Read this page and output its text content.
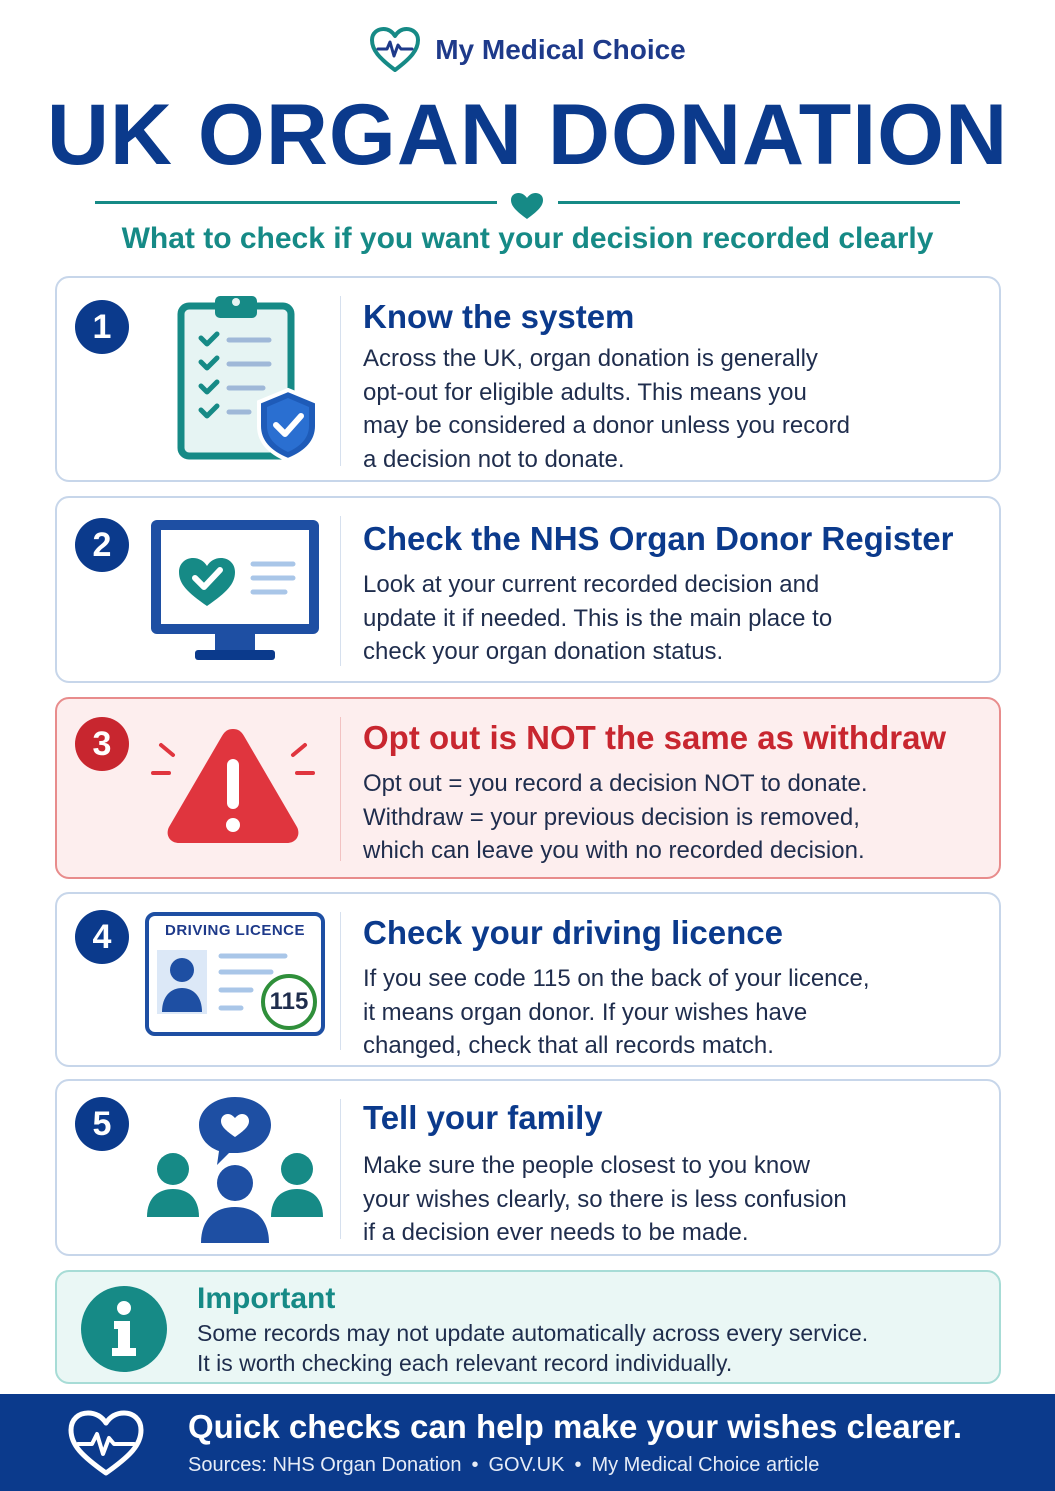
My Medical Choice
UK ORGAN DONATION
What to check if you want your decision recorded clearly
1	Know the system
Across the UK, organ donation is generally
opt-out for eligible adults. This means you
may be considered a donor unless you record
a decision not to donate.
2	Check the NHS Organ Donor Register
Look at your current recorded decision and
update it if needed. This is the main place to
check your organ donation status.
3	Opt out is NOT the same as withdraw
Opt out = you record a decision NOT to donate.
Withdraw = your previous decision is removed,
which can leave you with no recorded decision.
4	DRIVING LICENCE
115
Check your driving licence
If you see code 115 on the back of your licence,
it means organ donor. If your wishes have
changed, check that all records match.
5	Tell your family
Make sure the people closest to you know
your wishes clearly, so there is less confusion
if a decision ever needs to be made.
Important
Some records may not update automatically across every service.
It is worth checking each relevant record individually.
Quick checks can help make your wishes clearer.
Sources: NHS Organ Donation • GOV.UK • My Medical Choice article
